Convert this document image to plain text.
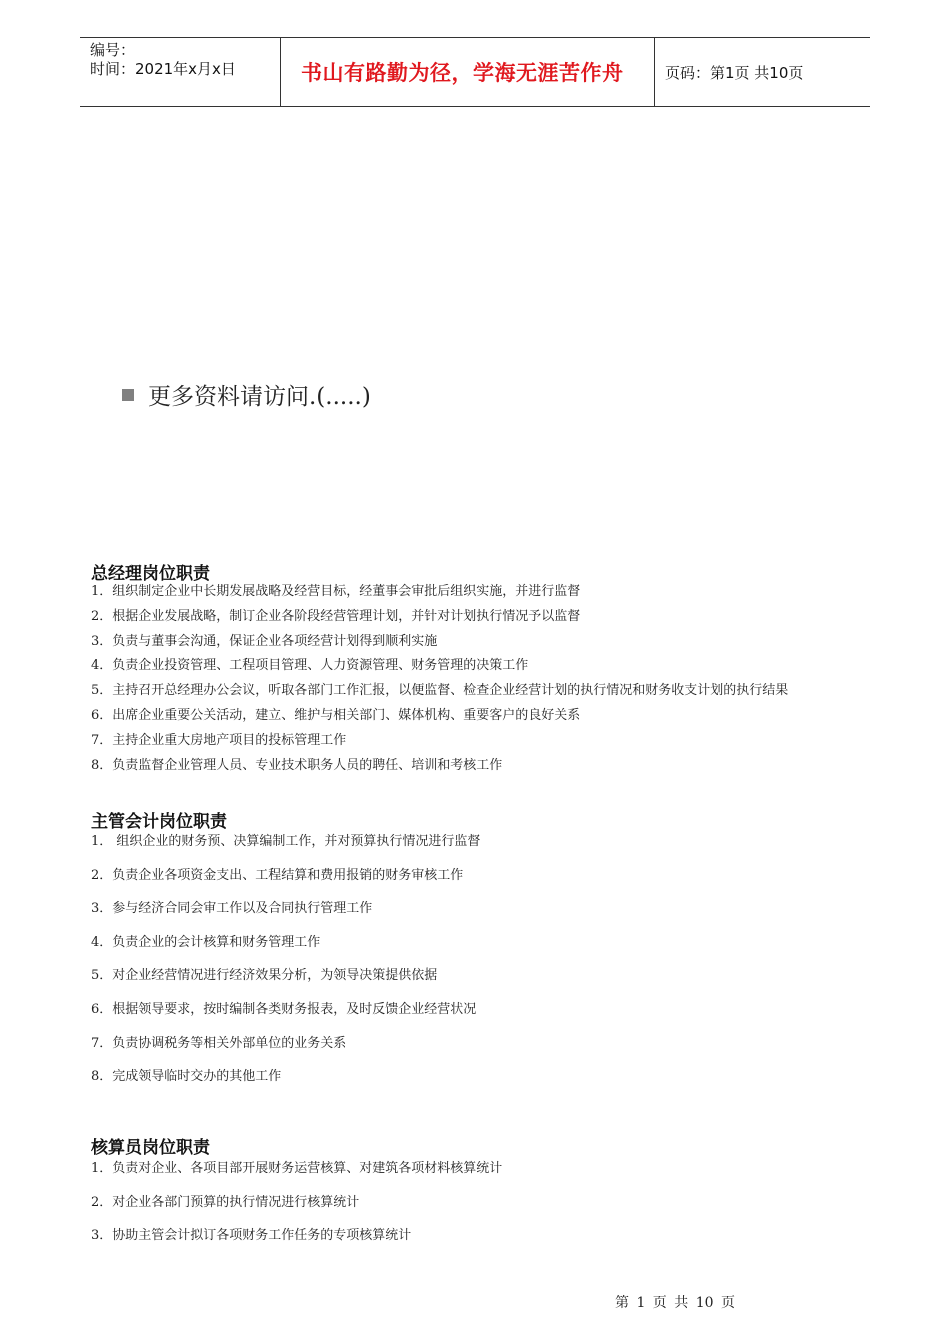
编号：
时间：2021年x月x日	书山有路勤为径，学海无涯苦作舟	页码：第1页 共10页
更多资料请访问.(.....)
总经理岗位职责
1．组织制定企业中长期发展战略及经营目标，经董事会审批后组织实施，并进行监督
2．根据企业发展战略，制订企业各阶段经营管理计划，并针对计划执行情况予以监督
3．负责与董事会沟通，保证企业各项经营计划得到顺利实施
4．负责企业投资管理、工程项目管理、人力资源管理、财务管理的决策工作
5．主持召开总经理办公会议，听取各部门工作汇报，以便监督、检查企业经营计划的执行情况和财务收支计划的执行结果
6．出席企业重要公关活动，建立、维护与相关部门、媒体机构、重要客户的良好关系
7．主持企业重大房地产项目的投标管理工作
8．负责监督企业管理人员、专业技术职务人员的聘任、培训和考核工作
主管会计岗位职责
1． 组织企业的财务预、决算编制工作，并对预算执行情况进行监督
2．负责企业各项资金支出、工程结算和费用报销的财务审核工作
3．参与经济合同会审工作以及合同执行管理工作
4．负责企业的会计核算和财务管理工作
5．对企业经营情况进行经济效果分析，为领导决策提供依据
6．根据领导要求，按时编制各类财务报表，及时反馈企业经营状况
7．负责协调税务等相关外部单位的业务关系
8．完成领导临时交办的其他工作
核算员岗位职责
1．负责对企业、各项目部开展财务运营核算、对建筑各项材料核算统计
2．对企业各部门预算的执行情况进行核算统计
3．协助主管会计拟订各项财务工作任务的专项核算统计
第 1 页 共 10 页
